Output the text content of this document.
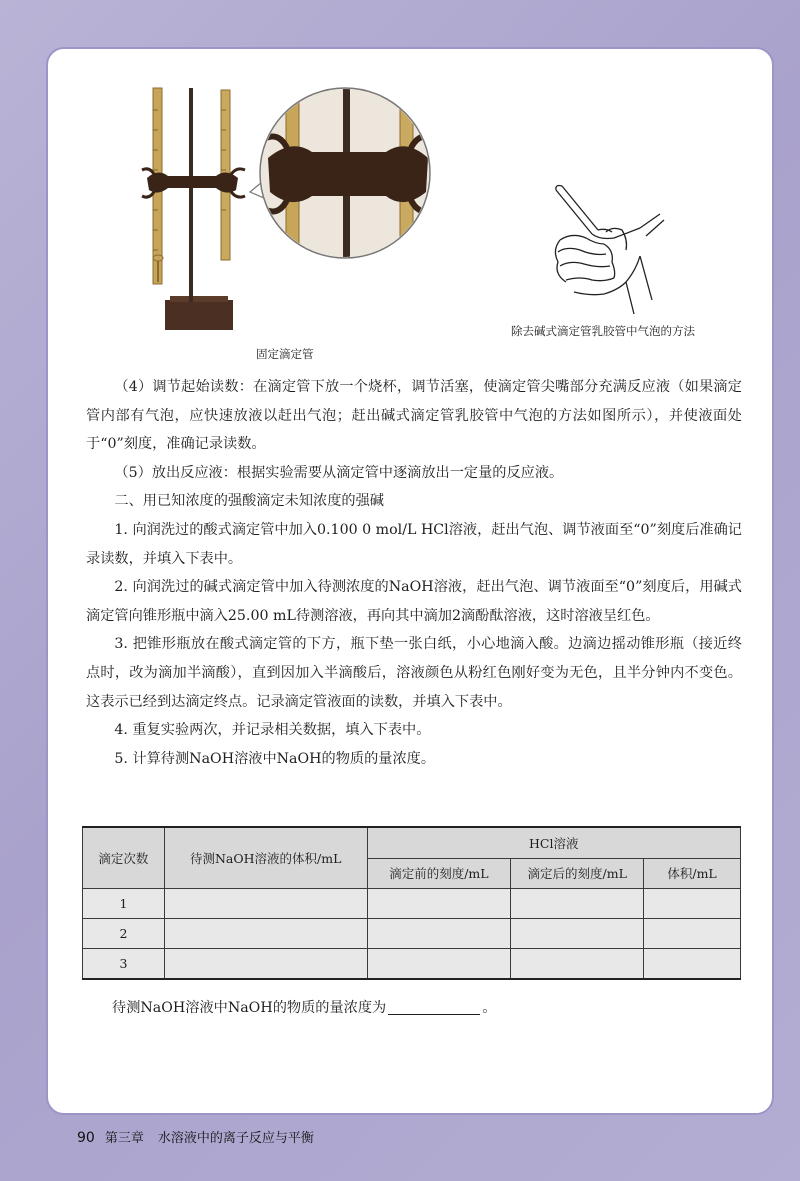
固定滴定管
除去碱式滴定管乳胶管中气泡的方法

（4）调节起始读数：在滴定管下放一个烧杯，调节活塞，使滴定管尖嘴部分充满反应液（如果滴定管内部有气泡，应快速放液以赶出气泡；赶出碱式滴定管乳胶管中气泡的方法如图所示），并使液面处于“0”刻度，准确记录读数。

（5）放出反应液：根据实验需要从滴定管中逐滴放出一定量的反应液。

二、用已知浓度的强酸滴定未知浓度的强碱

1. 向润洗过的酸式滴定管中加入0.100 0 mol/L HCl溶液，赶出气泡、调节液面至“0”刻度后准确记录读数，并填入下表中。

2. 向润洗过的碱式滴定管中加入待测浓度的NaOH溶液，赶出气泡、调节液面至“0”刻度后，用碱式滴定管向锥形瓶中滴入25.00 mL待测溶液，再向其中滴加2滴酚酞溶液，这时溶液呈红色。

3. 把锥形瓶放在酸式滴定管的下方，瓶下垫一张白纸，小心地滴入酸。边滴边摇动锥形瓶（接近终点时，改为滴加半滴酸），直到因加入半滴酸后，溶液颜色从粉红色刚好变为无色，且半分钟内不变色。这表示已经到达滴定终点。记录滴定管液面的读数，并填入下表中。

4. 重复实验两次，并记录相关数据，填入下表中。

5. 计算待测NaOH溶液中NaOH的物质的量浓度。

滴定次数	待测NaOH溶液的体积/mL	HCl溶液		
		滴定前的刻度/mL	滴定后的刻度/mL	体积/mL
1				
2				
3				
待测NaOH溶液中NaOH的物质的量浓度为	。
90 第三章 水溶液中的离子反应与平衡
